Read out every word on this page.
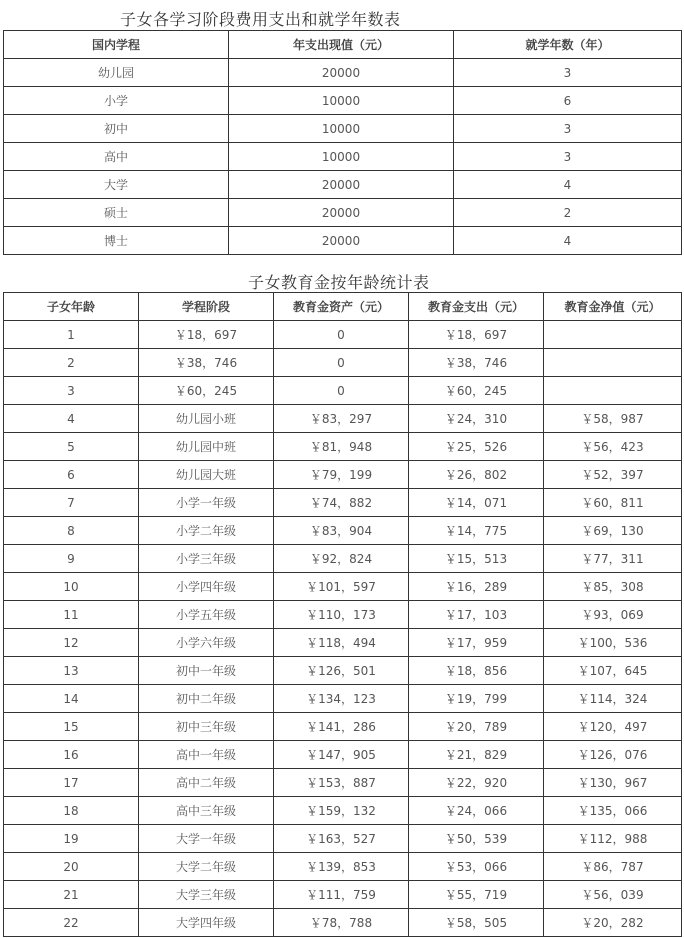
子女各学习阶段费用支出和就学年数表
国内学程	年支出现值（元）	就学年数（年）
幼儿园	20000	3
小学	10000	6
初中	10000	3
高中	10000	3
大学	20000	4
硕士	20000	2
博士	20000	4
子女教育金按年龄统计表
子女年龄	学程阶段	教育金资产（元）	教育金支出（元）	教育金净值（元）
1	￥18，697	0	￥18，697	
2	￥38，746	0	￥38，746	
3	￥60，245	0	￥60，245	
4	幼儿园小班	￥83，297	￥24，310	￥58，987
5	幼儿园中班	￥81，948	￥25，526	￥56，423
6	幼儿园大班	￥79，199	￥26，802	￥52，397
7	小学一年级	￥74，882	￥14，071	￥60，811
8	小学二年级	￥83，904	￥14，775	￥69，130
9	小学三年级	￥92，824	￥15，513	￥77，311
10	小学四年级	￥101，597	￥16，289	￥85，308
11	小学五年级	￥110，173	￥17，103	￥93，069
12	小学六年级	￥118，494	￥17，959	￥100，536
13	初中一年级	￥126，501	￥18，856	￥107，645
14	初中二年级	￥134，123	￥19，799	￥114，324
15	初中三年级	￥141，286	￥20，789	￥120，497
16	高中一年级	￥147，905	￥21，829	￥126，076
17	高中二年级	￥153，887	￥22，920	￥130，967
18	高中三年级	￥159，132	￥24，066	￥135，066
19	大学一年级	￥163，527	￥50，539	￥112，988
20	大学二年级	￥139，853	￥53，066	￥86，787
21	大学三年级	￥111，759	￥55，719	￥56，039
22	大学四年级	￥78，788	￥58，505	￥20，282
